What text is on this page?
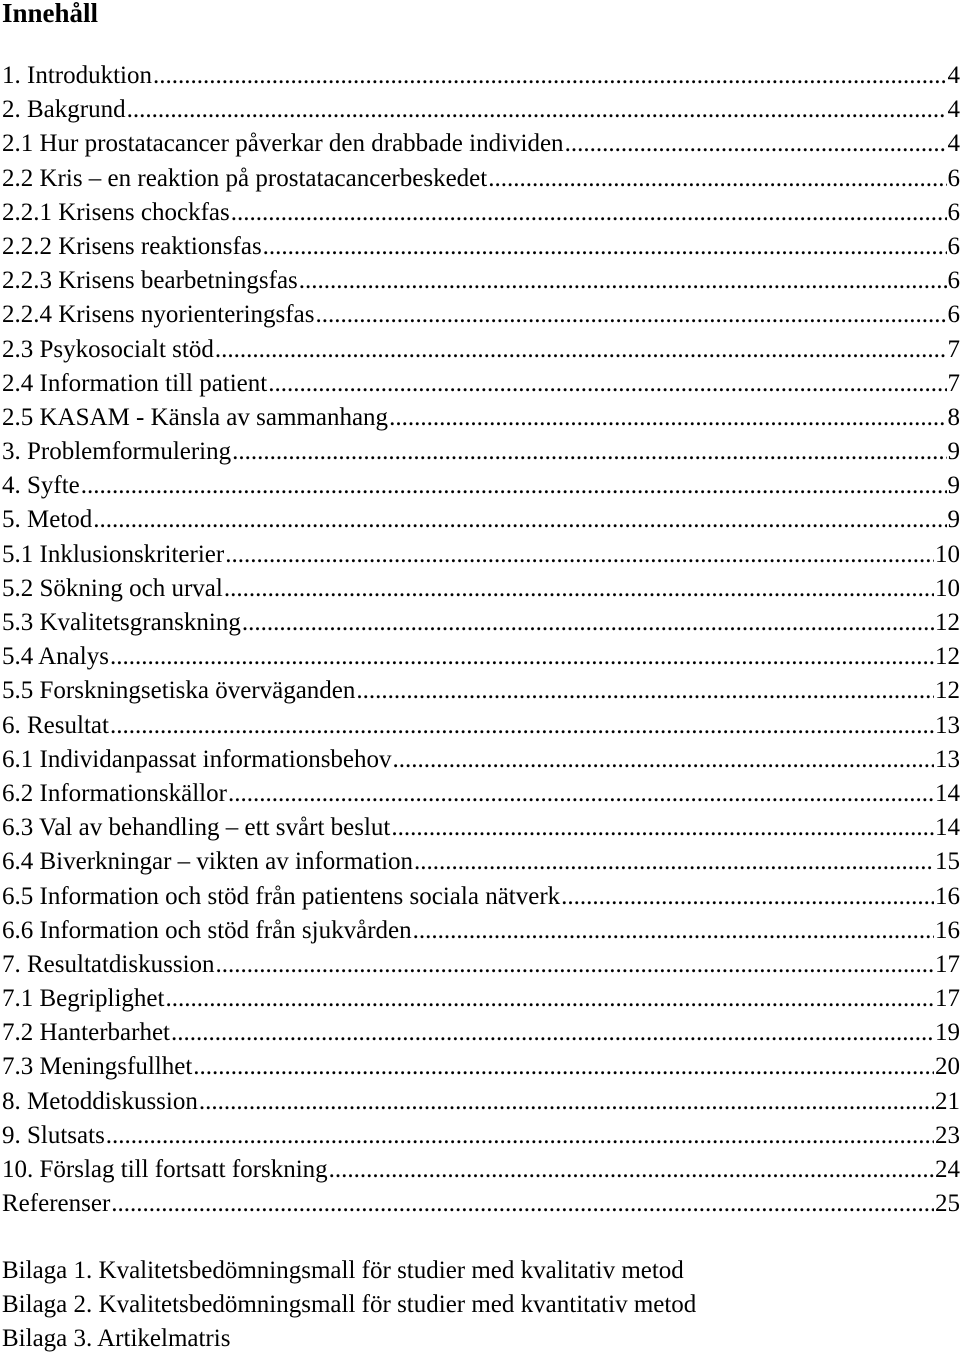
Innehåll
1. Introduktion .....	4
2. Bakgrund .....	4
2.1 Hur prostatacancer påverkar den drabbade individen .....	4
2.2 Kris – en reaktion på prostatacancerbeskedet .....	6
2.2.1 Krisens chockfas .....	6
2.2.2 Krisens reaktionsfas .....	6
2.2.3 Krisens bearbetningsfas .....	6
2.2.4 Krisens nyorienteringsfas .....	6
2.3 Psykosocialt stöd .....	7
2.4 Information till patient .....	7
2.5 KASAM - Känsla av sammanhang .....	8
3. Problemformulering .....	9
4. Syfte .....	9
5. Metod .....	9
5.1 Inklusionskriterier .....	10
5.2 Sökning och urval .....	10
5.3 Kvalitetsgranskning .....	12
5.4 Analys .....	12
5.5 Forskningsetiska överväganden .....	12
6. Resultat .....	13
6.1 Individanpassat informationsbehov .....	13
6.2 Informationskällor .....	14
6.3 Val av behandling – ett svårt beslut .....	14
6.4 Biverkningar – vikten av information .....	15
6.5 Information och stöd från patientens sociala nätverk .....	16
6.6 Information och stöd från sjukvården .....	16
7. Resultatdiskussion .....	17
7.1 Begriplighet .....	17
7.2 Hanterbarhet .....	19
7.3 Meningsfullhet .....	20
8. Metoddiskussion .....	21
9. Slutsats .....	23
10. Förslag till fortsatt forskning .....	24
Referenser .....	25
Bilaga 1. Kvalitetsbedömningsmall för studier med kvalitativ metod
Bilaga 2. Kvalitetsbedömningsmall för studier med kvantitativ metod
Bilaga 3. Artikelmatris
